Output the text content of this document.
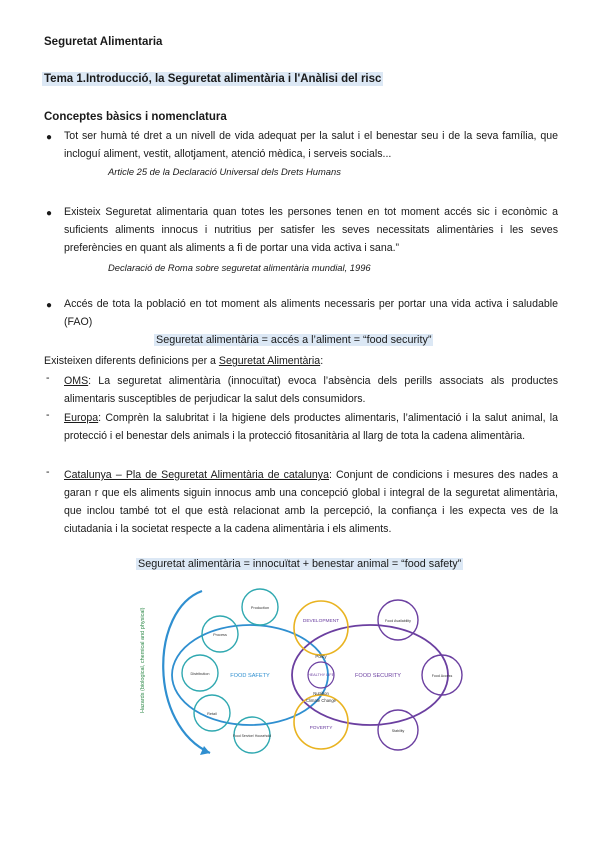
Seguretat Alimentaria
Tema 1.Introducció, la Seguretat alimentària i l'Anàlisi del risc
Conceptes bàsics i nomenclatura
● Tot ser humà té dret a un nivell de vida adequat per la salut i el benestar seu i de la seva família, que incloguí aliment, vestit, allotjament, atenció mèdica, i serveis socials...
Article 25 de la Declaració Universal dels Drets Humans
● Existeix Seguretat alimentaria quan totes les persones tenen en tot moment accés sic i econòmic a suficients aliments innocus i nutritius per satisfer les seves necessitats alimentàries i les seves preferències en quant als aliments a fi de portar una vida activa i sana.”
Declaració de Roma sobre seguretat alimentària mundial, 1996
● Accés de tota la població en tot moment als aliments necessaris per portar una vida activa i saludable (FAO)
Seguretat alimentària = accés a l’aliment = “food security”
Existeixen diferents definicions per a Seguretat Alimentària:
- OMS: La seguretat alimentària (innocuïtat) evoca l’absència dels perills associats als productes alimentaris susceptibles de perjudicar la salut dels consumidors.
- Europa: Comprèn la salubritat i la higiene dels productes alimentaris, l’alimentació i la salut animal, la protecció i el benestar dels animals i la protecció fitosanitària al llarg de tota la cadena alimentària.
- Catalunya – Pla de Seguretat Alimentària de catalunya: Conjunt de condicions i mesures des nades a garan r que els aliments siguin innocus amb una concepció global i integral de la seguretat alimentària, que inclou també tot el que està relacionat amb la percepció, la confiança i les expecta ves de la ciutadania i la societat respecte a la cadena alimentària i els aliments.
Seguretat alimentària = innocuïtat + benestar animal = “food safety”
Hazards (biological, chemical and physical)	FOOD SAFETY	FOOD SECURITY
DEVELOPMENT
POVERTY
Policy
HEALTHY LIFE
Nutrition
Climate Change
Production
Process
Distribution
Retail
Food Service/ Household
Food Availability
Food Access
Stability
